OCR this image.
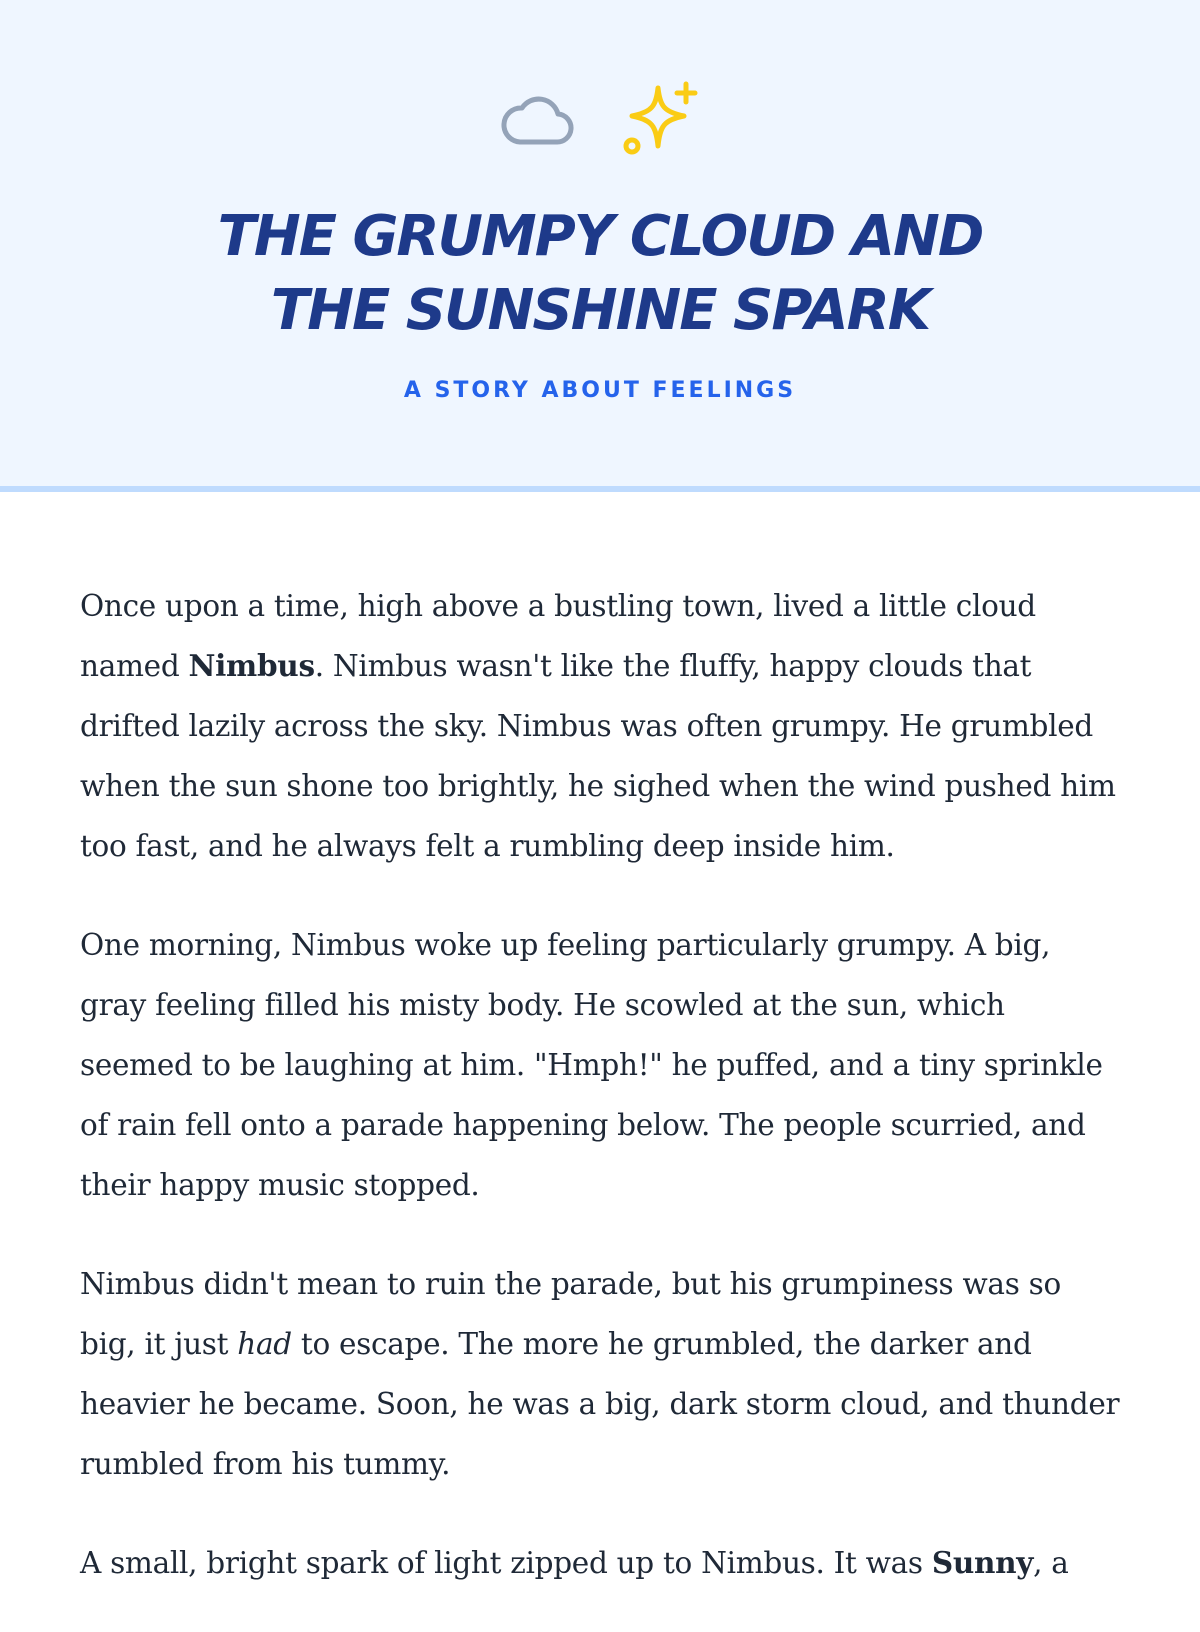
THE GRUMPY CLOUD AND
THE SUNSHINE SPARK
A STORY ABOUT FEELINGS

Once upon a time, high above a bustling town, lived a little cloud named Nimbus. Nimbus wasn't like the fluffy, happy clouds that drifted lazily across the sky. Nimbus was often grumpy. He grumbled when the sun shone too brightly, he sighed when the wind pushed him too fast, and he always felt a rumbling deep inside him.

One morning, Nimbus woke up feeling particularly grumpy. A big, gray feeling filled his misty body. He scowled at the sun, which seemed to be laughing at him. "Hmph!" he puffed, and a tiny sprinkle of rain fell onto a parade happening below. The people scurried, and their happy music stopped.

Nimbus didn't mean to ruin the parade, but his grumpiness was so big, it just had to escape. The more he grumbled, the darker and heavier he became. Soon, he was a big, dark storm cloud, and thunder rumbled from his tummy.

A small, bright spark of light zipped up to Nimbus. It was Sunny, a
